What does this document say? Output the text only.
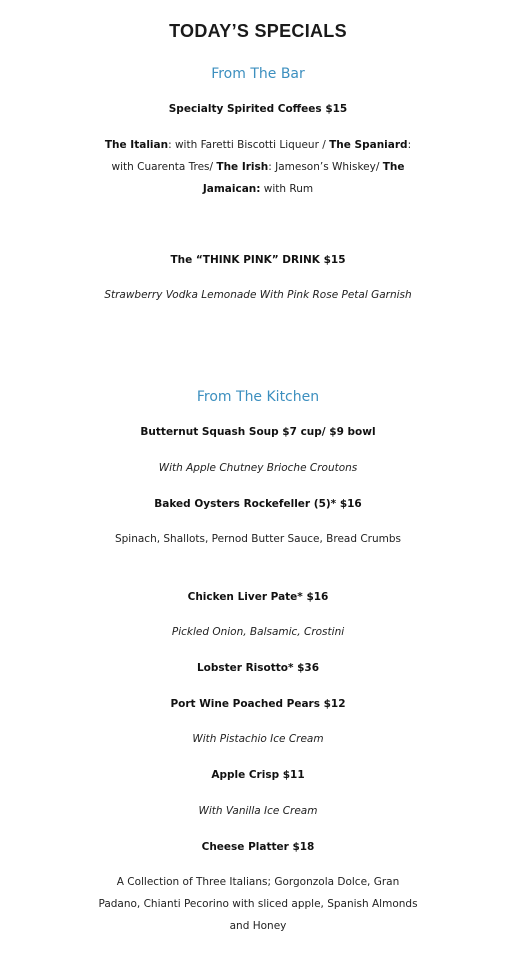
TODAY’S SPECIALS
From The Bar
Specialty Spirited Coffees $15
The Italian: with Faretti Biscotti Liqueur / The Spaniard: with Cuarenta Tres/ The Irish: Jameson’s Whiskey/ The Jamaican: with Rum
The “THINK PINK” DRINK $15
Strawberry Vodka Lemonade With Pink Rose Petal Garnish
From The Kitchen
Butternut Squash Soup $7 cup/ $9 bowl
With Apple Chutney Brioche Croutons
Baked Oysters Rockefeller (5)* $16
Spinach, Shallots, Pernod Butter Sauce, Bread Crumbs
Chicken Liver Pate* $16
Pickled Onion, Balsamic, Crostini
Lobster Risotto* $36
Port Wine Poached Pears $12
With Pistachio Ice Cream
Apple Crisp $11
With Vanilla Ice Cream
Cheese Platter $18
A Collection of Three Italians; Gorgonzola Dolce, Gran Padano, Chianti Pecorino with sliced apple, Spanish Almonds and Honey
